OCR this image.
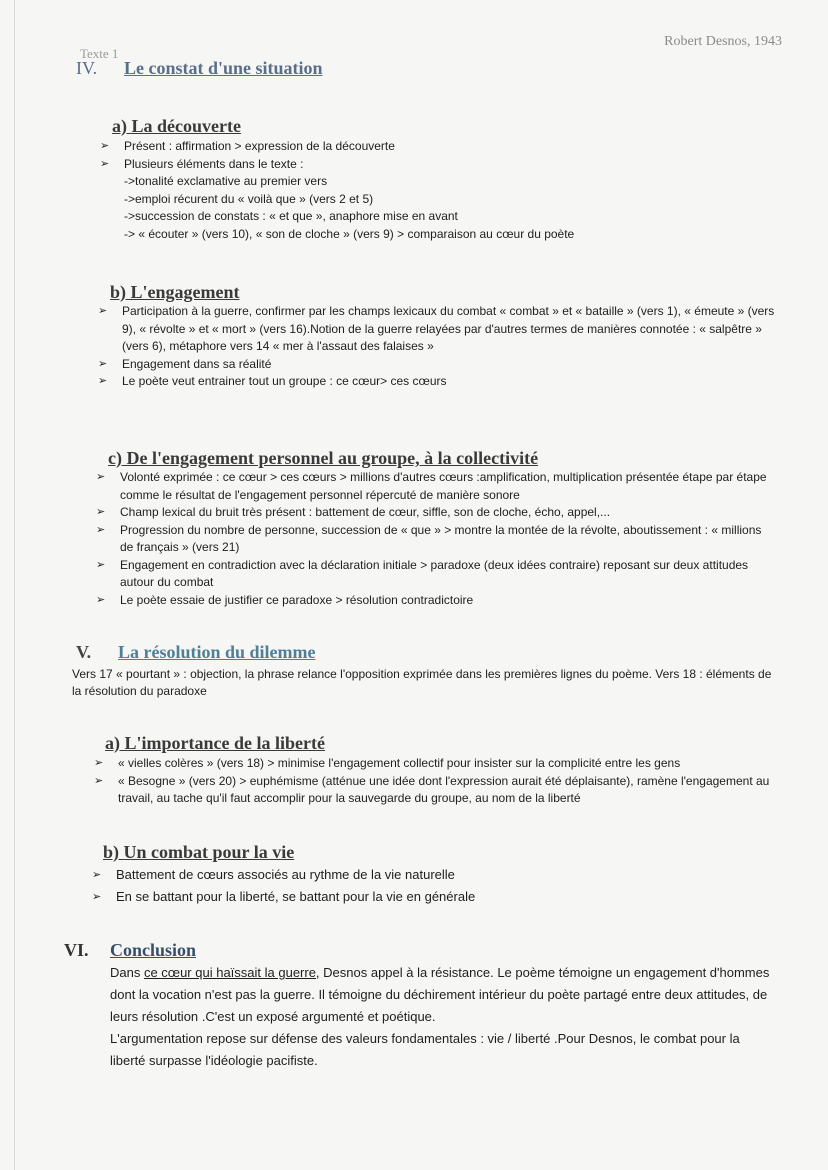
Texte 1
Robert Desnos, 1943
IV. Le constat d'une situation
a) La découverte
➢ Présent : affirmation > expression de la découverte
➢ Plusieurs éléments dans le texte :
->tonalité exclamative au premier vers
->emploi récurent du « voilà que » (vers 2 et 5)
->succession de constats : « et que », anaphore mise en avant
-> « écouter » (vers 10), « son de cloche » (vers 9) > comparaison au cœur du poète
b) L'engagement
➢ Participation à la guerre, confirmer par les champs lexicaux du combat « combat » et « bataille » (vers 1), « émeute » (vers 9), « révolte » et « mort » (vers 16).Notion de la guerre relayées par d'autres termes de manières connotée : « salpêtre » (vers 6), métaphore vers 14 « mer à l'assaut des falaises »
➢ Engagement dans sa réalité
➢ Le poète veut entrainer tout un groupe : ce cœur> ces cœurs
c) De l'engagement personnel au groupe, à la collectivité
➢ Volonté exprimée : ce cœur > ces cœurs > millions d'autres cœurs :amplification, multiplication présentée étape par étape comme le résultat de l'engagement personnel répercuté de manière sonore
➢ Champ lexical du bruit très présent : battement de cœur, siffle, son de cloche, écho, appel,...
➢ Progression du nombre de personne, succession de « que » > montre la montée de la révolte, aboutissement : « millions de français » (vers 21)
➢ Engagement en contradiction avec la déclaration initiale > paradoxe (deux idées contraire) reposant sur deux attitudes autour du combat
➢ Le poète essaie de justifier ce paradoxe > résolution contradictoire
V. La résolution du dilemme
Vers 17 « pourtant » : objection, la phrase relance l'opposition exprimée dans les premières lignes du poème. Vers 18 : éléments de la résolution du paradoxe
a) L'importance de la liberté
➢ « vielles colères » (vers 18) > minimise l'engagement collectif pour insister sur la complicité entre les gens
➢ « Besogne » (vers 20) > euphémisme (atténue une idée dont l'expression aurait été déplaisante), ramène l'engagement au travail, au tache qu'il faut accomplir pour la sauvegarde du groupe, au nom de la liberté
b) Un combat pour la vie
➢ Battement de cœurs associés au rythme de la vie naturelle
➢ En se battant pour la liberté, se battant pour la vie en générale
VI. Conclusion
Dans ce cœur qui haïssait la guerre, Desnos appel à la résistance. Le poème témoigne un engagement d'hommes dont la vocation n'est pas la guerre. Il témoigne du déchirement intérieur du poète partagé entre deux attitudes, de leurs résolution .C'est un exposé argumenté et poétique.
L'argumentation repose sur défense des valeurs fondamentales : vie / liberté .Pour Desnos, le combat pour la liberté surpasse l'idéologie pacifiste.
